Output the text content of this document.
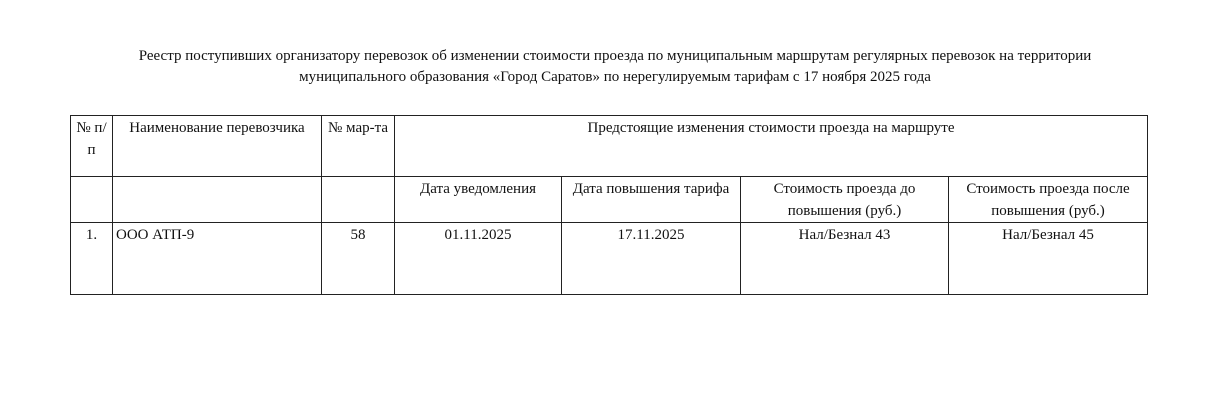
Реестр поступивших организатору перевозок об изменении стоимости проезда по муниципальным маршрутам регулярных перевозок на территории
муниципального образования «Город Саратов» по нерегулируемым тарифам с 17 ноября 2025 года
№ п/п	Наименование перевозчика	№ мар-та	Предстоящие изменения стоимости проезда на маршруте			
			Дата уведомления	Дата повышения тарифа	Стоимость проезда до повышения (руб.)	Стоимость проезда после повышения (руб.)
1.	ООО АТП-9	58	01.11.2025	17.11.2025	Нал/Безнал 43	Нал/Безнал 45
